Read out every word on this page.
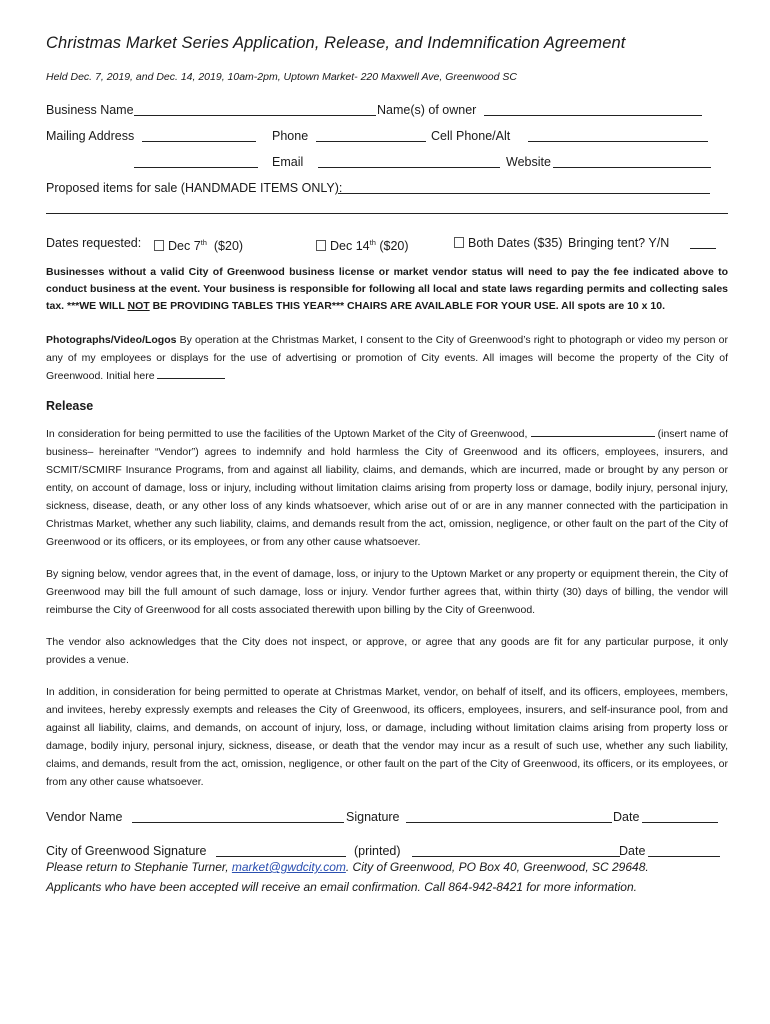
Christmas Market Series Application, Release, and Indemnification Agreement

Held Dec. 7, 2019, and Dec. 14, 2019, 10am-2pm, Uptown Market- 220 Maxwell Ave, Greenwood SC

Business Name	Name(s) of owner
Mailing Address	Phone	Cell Phone/Alt
Email	Website
Proposed items for sale (HANDMADE ITEMS ONLY):
Dates requested:	Dec 7th ($20)	Dec 14th ($20)	Both Dates ($35) Bringing tent? Y/N

Businesses without a valid City of Greenwood business license or market vendor status will need to pay the fee indicated above to conduct business at the event. Your business is responsible for following all local and state laws regarding permits and collecting sales tax. ***WE WILL NOT BE PROVIDING TABLES THIS YEAR*** CHAIRS ARE AVAILABLE FOR YOUR USE. All spots are 10 x 10.

Photographs/Video/Logos By operation at the Christmas Market, I consent to the City of Greenwood’s right to photograph or video my person or any of my employees or displays for the use of advertising or promotion of City events. All images will become the property of the City of Greenwood. Initial here

Release

In consideration for being permitted to use the facilities of the Uptown Market of the City of Greenwood,	(insert name of business– hereinafter “Vendor”) agrees to indemnify and hold harmless the City of Greenwood and its officers, employees, insurers, and SCMIT/SCMIRF Insurance Programs, from and against all liability, claims, and demands, which are incurred, made or brought by any person or entity, on account of damage, loss or injury, including without limitation claims arising from property loss or damage, bodily injury, personal injury, sickness, disease, death, or any other loss of any kinds whatsoever, which arise out of or are in any manner connected with the participation in Christmas Market, whether any such liability, claims, and demands result from the act, omission, negligence, or other fault on the part of the City of Greenwood or its officers, or its employees, or from any other cause whatsoever.

By signing below, vendor agrees that, in the event of damage, loss, or injury to the Uptown Market or any property or equipment therein, the City of Greenwood may bill the full amount of such damage, loss or injury. Vendor further agrees that, within thirty (30) days of billing, the vendor will reimburse the City of Greenwood for all costs associated therewith upon billing by the City of Greenwood.

The vendor also acknowledges that the City does not inspect, or approve, or agree that any goods are fit for any particular purpose, it only provides a venue.

In addition, in consideration for being permitted to operate at Christmas Market, vendor, on behalf of itself, and its officers, employees, members, and invitees, hereby expressly exempts and releases the City of Greenwood, its officers, employees, insurers, and self-insurance pool, from and against all liability, claims, and demands, on account of injury, loss, or damage, including without limitation claims arising from property loss or damage, bodily injury, personal injury, sickness, disease, or death that the vendor may incur as a result of such use, whether any such liability, claims, and demands, result from the act, omission, negligence, or other fault on the part of the City of Greenwood, its officers, or its employees, or from any other cause whatsoever.

Vendor Name	Signature	Date
City of Greenwood Signature	(printed)	Date

Please return to Stephanie Turner, market@gwdcity.com. City of Greenwood, PO Box 40, Greenwood, SC 29648.

Applicants who have been accepted will receive an email confirmation. Call 864-942-8421 for more information.
